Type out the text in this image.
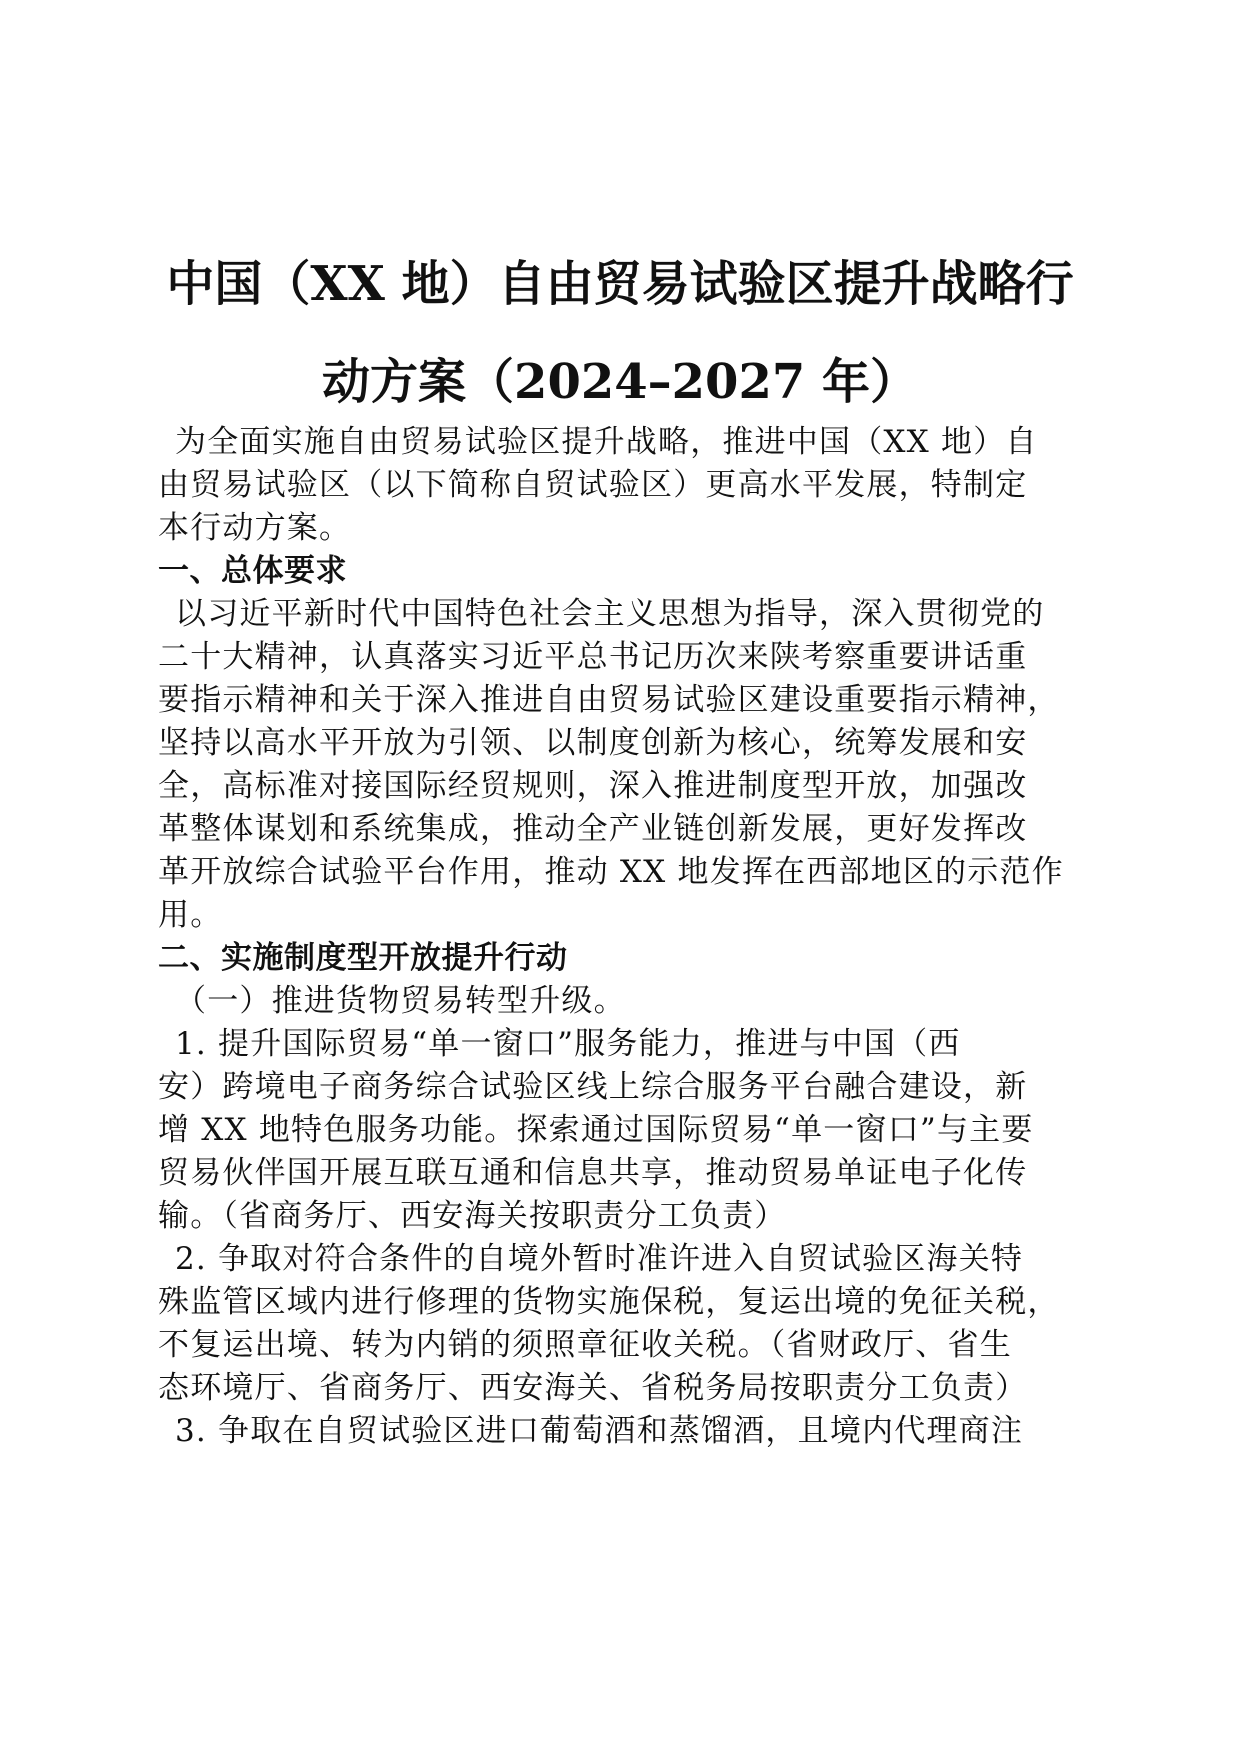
中国（XX 地）自由贸易试验区提升战略行
动方案（2024–2027 年）
为全面实施自由贸易试验区提升战略，推进中国（XX 地）自
由贸易试验区（以下简称自贸试验区）更高水平发展，特制定
本行动方案。
一、总体要求
以习近平新时代中国特色社会主义思想为指导，深入贯彻党的
二十大精神，认真落实习近平总书记历次来陕考察重要讲话重
要指示精神和关于深入推进自由贸易试验区建设重要指示精神，
坚持以高水平开放为引领、以制度创新为核心，统筹发展和安
全，高标准对接国际经贸规则，深入推进制度型开放，加强改
革整体谋划和系统集成，推动全产业链创新发展，更好发挥改
革开放综合试验平台作用，推动 XX 地发挥在西部地区的示范作
用。
二、实施制度型开放提升行动
（一）推进货物贸易转型升级。
1. 提升国际贸易“单一窗口”服务能力，推进与中国（西
安）跨境电子商务综合试验区线上综合服务平台融合建设，新
增 XX 地特色服务功能。探索通过国际贸易“单一窗口”与主要
贸易伙伴国开展互联互通和信息共享，推动贸易单证电子化传
输。（省商务厅、西安海关按职责分工负责）
2. 争取对符合条件的自境外暂时准许进入自贸试验区海关特
殊监管区域内进行修理的货物实施保税，复运出境的免征关税，
不复运出境、转为内销的须照章征收关税。（省财政厅、省生
态环境厅、省商务厅、西安海关、省税务局按职责分工负责）
3. 争取在自贸试验区进口葡萄酒和蒸馏酒，且境内代理商注
